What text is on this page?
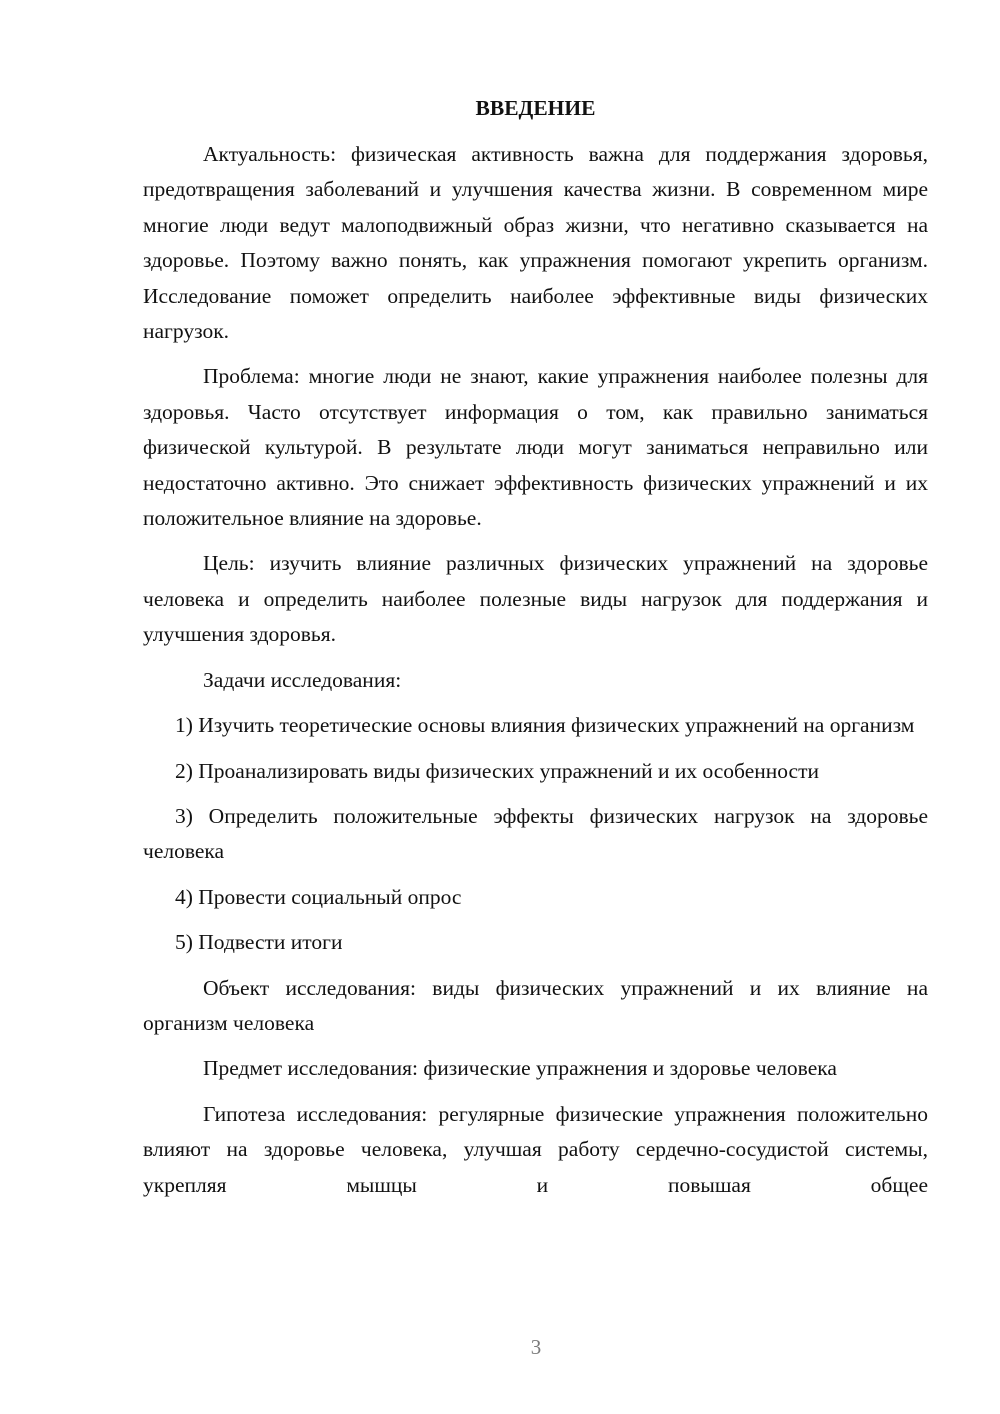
ВВЕДЕНИЕ

Актуальность: физическая активность важна для поддержания здоровья, предотвращения заболеваний и улучшения качества жизни. В современном мире многие люди ведут малоподвижный образ жизни, что негативно сказывается на здоровье. Поэтому важно понять, как упражнения помогают укрепить организм. Исследование поможет определить наиболее эффективные виды физических нагрузок.

Проблема: многие люди не знают, какие упражнения наиболее полезны для здоровья. Часто отсутствует информация о том, как правильно заниматься физической культурой. В результате люди могут заниматься неправильно или недостаточно активно. Это снижает эффективность физических упражнений и их положительное влияние на здоровье.

Цель: изучить влияние различных физических упражнений на здоровье человека и определить наиболее полезные виды нагрузок для поддержания и улучшения здоровья.

Задачи исследования:

1) Изучить теоретические основы влияния физических упражнений на организм

2) Проанализировать виды физических упражнений и их особенности

3) Определить положительные эффекты физических нагрузок на здоровье человека

4) Провести социальный опрос

5) Подвести итоги

Объект исследования: виды физических упражнений и их влияние на организм человека

Предмет исследования: физические упражнения и здоровье человека

Гипотеза исследования: регулярные физические упражнения положительно влияют на здоровье человека, улучшая работу сердечно-сосудистой системы, укрепляя мышцы и повышая общее

3
